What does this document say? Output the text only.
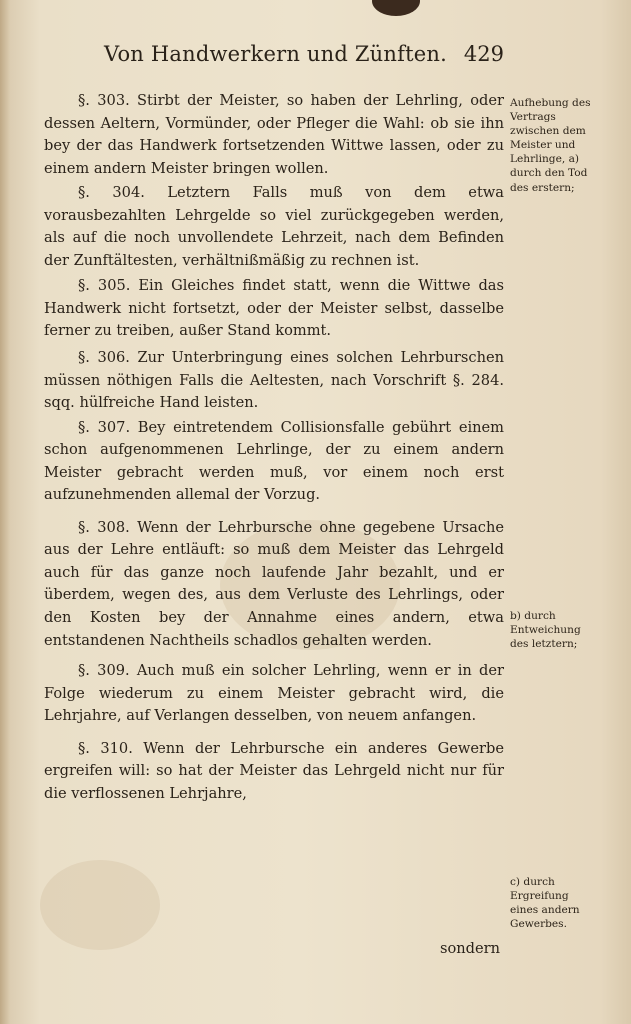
Von Handwerkern und Zünften. 429

§. 303. Stirbt der Meister, so haben der Lehrling, oder dessen Aeltern, Vormünder, oder Pfleger die Wahl: ob sie ihn bey der das Handwerk fortsetzenden Wittwe lassen, oder zu einem andern Meister bringen wollen.

§. 304. Letztern Falls muß von dem etwa vorausbezahlten Lehrgelde so viel zurückgegeben werden, als auf die noch unvollendete Lehrzeit, nach dem Befinden der Zunftältesten, verhältnißmäßig zu rechnen ist.

§. 305. Ein Gleiches findet statt, wenn die Wittwe das Handwerk nicht fortsetzt, oder der Meister selbst, dasselbe ferner zu treiben, außer Stand kommt.

§. 306. Zur Unterbringung eines solchen Lehrburschen müssen nöthigen Falls die Aeltesten, nach Vorschrift §. 284. sqq. hülfreiche Hand leisten.

§. 307. Bey eintretendem Collisionsfalle gebührt einem schon aufgenommenen Lehrlinge, der zu einem andern Meister gebracht werden muß, vor einem noch erst aufzunehmenden allemal der Vorzug.

§. 308. Wenn der Lehrbursche ohne gegebene Ursache aus der Lehre entläuft: so muß dem Meister das Lehrgeld auch für das ganze noch laufende Jahr bezahlt, und er überdem, wegen des, aus dem Verluste des Lehrlings, oder den Kosten bey der Annahme eines andern, etwa entstandenen Nachtheils schadlos gehalten werden.

§. 309. Auch muß ein solcher Lehrling, wenn er in der Folge wiederum zu einem Meister gebracht wird, die Lehrjahre, auf Verlangen desselben, von neuem anfangen.

§. 310. Wenn der Lehrbursche ein anderes Gewerbe ergreifen will: so hat der Meister das Lehrgeld nicht nur für die verflossenen Lehrjahre,

sondern
Aufhebung des Vertrags zwischen dem Meister und Lehrlinge, a) durch den Tod des erstern;
b) durch Entweichung des letztern;
c) durch Ergreifung eines andern Gewerbes.
